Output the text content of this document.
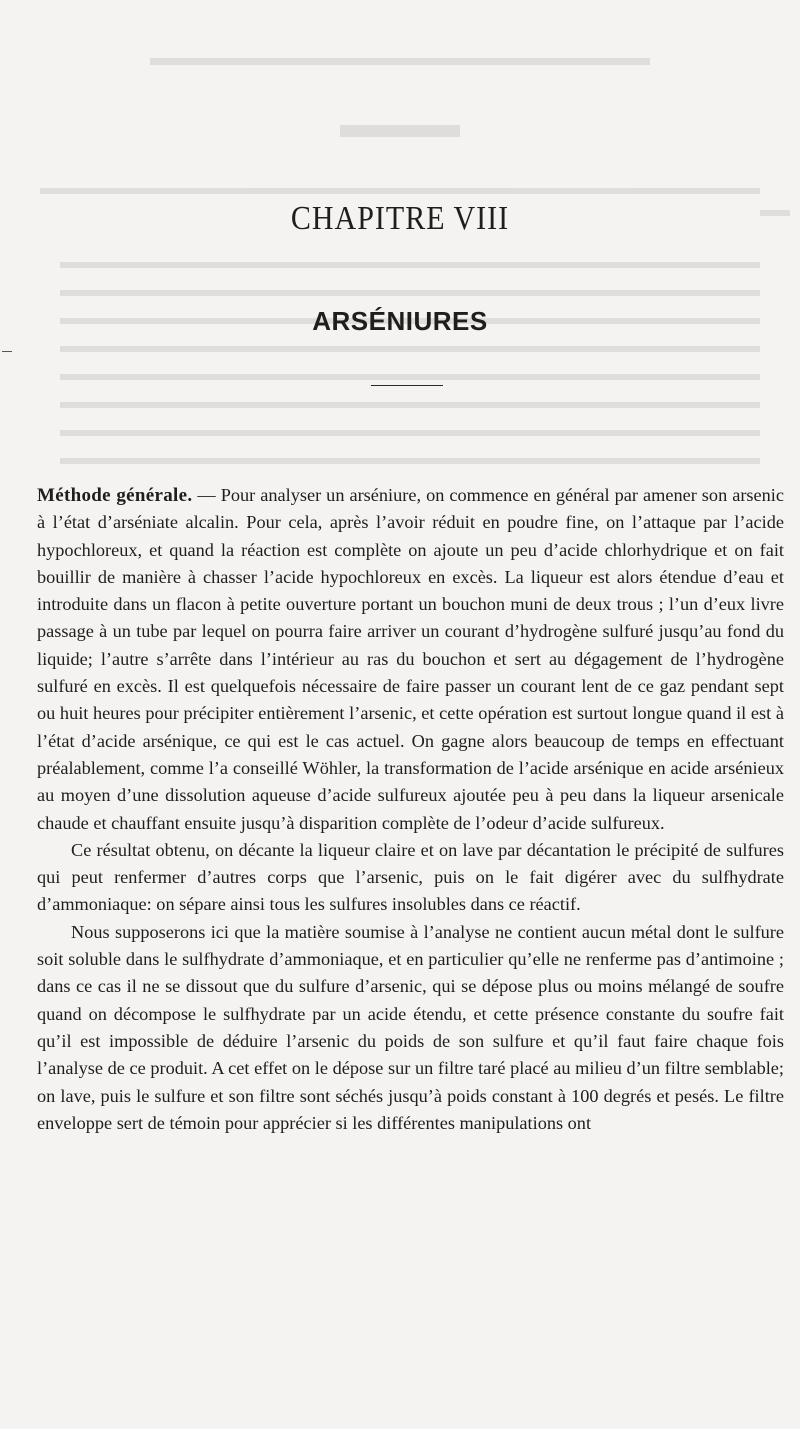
CHAPITRE VIII
ARSÉNIURES

Méthode générale. — Pour analyser un arséniure, on commence en général par amener son arsenic à l’état d’arséniate alcalin. Pour cela, après l’avoir réduit en poudre fine, on l’attaque par l’acide hypochloreux, et quand la réaction est complète on ajoute un peu d’acide chlorhydrique et on fait bouillir de manière à chasser l’acide hypochloreux en excès. La liqueur est alors étendue d’eau et introduite dans un flacon à petite ouverture portant un bouchon muni de deux trous ; l’un d’eux livre passage à un tube par lequel on pourra faire arriver un courant d’hydrogène sulfuré jusqu’au fond du liquide; l’autre s’arrête dans l’intérieur au ras du bouchon et sert au dégagement de l’hydrogène sulfuré en excès. Il est quelquefois nécessaire de faire passer un courant lent de ce gaz pendant sept ou huit heures pour précipiter entièrement l’arsenic, et cette opération est surtout longue quand il est à l’état d’acide arsénique, ce qui est le cas actuel. On gagne alors beaucoup de temps en effectuant préalablement, comme l’a conseillé Wöhler, la transformation de l’acide arsénique en acide arsénieux au moyen d’une dissolution aqueuse d’acide sulfureux ajoutée peu à peu dans la liqueur arsenicale chaude et chauffant ensuite jusqu’à disparition complète de l’odeur d’acide sulfureux.

Ce résultat obtenu, on décante la liqueur claire et on lave par décantation le précipité de sulfures qui peut renfermer d’autres corps que l’arsenic, puis on le fait digérer avec du sulfhydrate d’ammoniaque: on sépare ainsi tous les sulfures insolubles dans ce réactif.

Nous supposerons ici que la matière soumise à l’analyse ne contient aucun métal dont le sulfure soit soluble dans le sulfhydrate d’ammoniaque, et en particulier qu’elle ne renferme pas d’antimoine ; dans ce cas il ne se dissout que du sulfure d’arsenic, qui se dépose plus ou moins mélangé de soufre quand on décompose le sulfhydrate par un acide étendu, et cette présence constante du soufre fait qu’il est impossible de déduire l’arsenic du poids de son sulfure et qu’il faut faire chaque fois l’analyse de ce produit. A cet effet on le dépose sur un filtre taré placé au milieu d’un filtre semblable; on lave, puis le sulfure et son filtre sont séchés jusqu’à poids constant à 100 degrés et pesés. Le filtre enveloppe sert de témoin pour apprécier si les différentes manipulations ont
